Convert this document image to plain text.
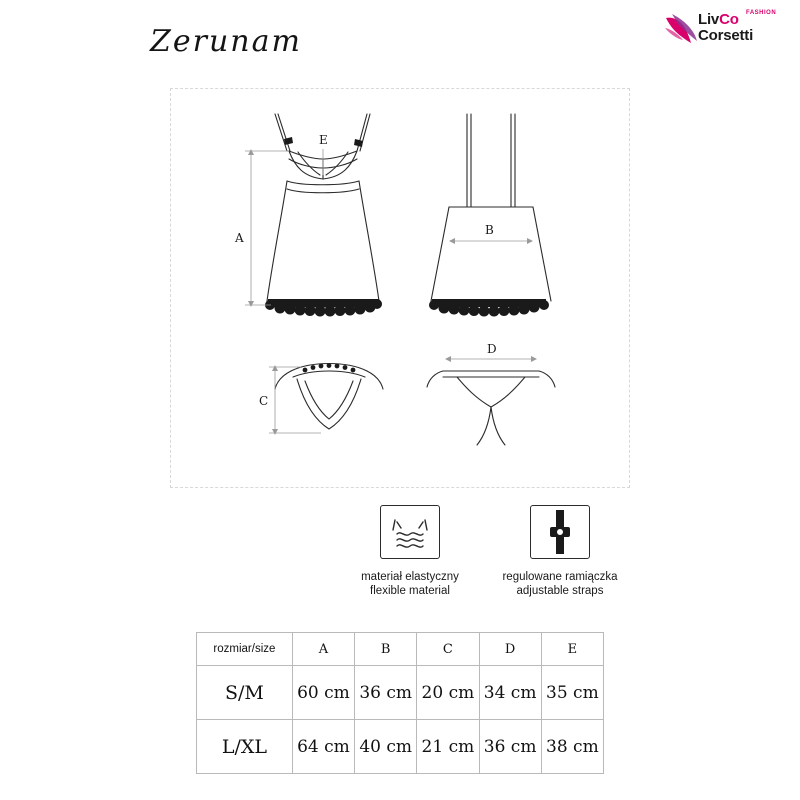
Zerunam
LivCo
Corsetti
FASHION
A
B
C
D
E
materiał elastyczny
flexible material
regulowane ramiączka
adjustable straps
rozmiar/size	A	B	C	D	E
S/M	60 cm	36 cm	20 cm	34 cm	35 cm
L/XL	64 cm	40 cm	21 cm	36 cm	38 cm
